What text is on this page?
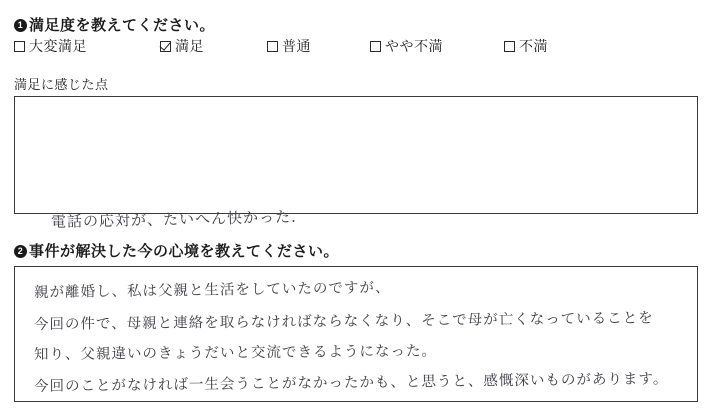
1 満足度を教えてください。
大変満足	満足	普通	やや不満	不満
満足に感じた点
電話の応対が、たいへん快かった.
2 事件が解決した今の心境を教えてください。
親が離婚し、私は父親と生活をしていたのですが、
今回の件で、母親と連絡を取らなければならなくなり、そこで母が亡くなっていることを
知り、父親違いのきょうだいと交流できるようになった。
今回のことがなければ一生会うことがなかったかも、と思うと、感慨深いものがあります。
